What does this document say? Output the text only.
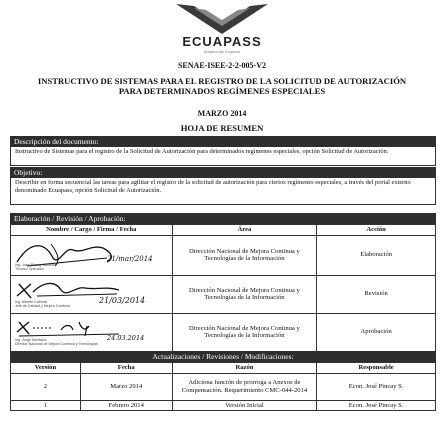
ECUAPASS
Aduana del Ecuador
SENAE-ISEE-2-2-005-V2
INSTRUCTIVO DE SISTEMAS PARA EL REGISTRO DE LA SOLICITUD DE AUTORIZACIÓN
PARA DETERMINADOS REGÍMENES ESPECIALES
MARZO 2014
HOJA DE RESUMEN
Descripción del documento:
Instructivo de Sistemas para el registro de la Solicitud de Autorización para determinados regímenes especiales, opción Solicitud de Autorización.
Objetivo:
Describir en forma secuencial las tareas para agilitar el registro de la solicitud de autorización para ciertos regímenes especiales, a través del portal externo denominado Ecuapass, opción Solicitud de Autorización.
Elaboración / Revisión / Aprobación:
Nombre / Cargo / Firma / Fecha	Área	Acción

Ing. José Pincay Sánchez
Técnico Operador
21/mar/2014	Dirección Nacional de Mejora Continua y Tecnologías de la Información	Elaboración

Ing. Alberto Cabrera
Jefe de Calidad y Mejora Continua
21/03/2014	Dirección Nacional de Mejora Continua y Tecnologías de la Información	Revisión

Ing. Jorge Montalvo
Director Nacional de Mejora Continua y Tecnologías
24.03.2014	Dirección Nacional de Mejora Continua y Tecnologías de la Información	Aprobación
Actualizaciones / Revisiones / Modificaciones:
Versión	Fecha	Razón	Responsable
2	Marzo 2014	Adiciona función de prorroga a Anexos de Compensación. Requerimiento CMC-044-2014	Econ. José Pincay S.
1	Febrero 2014	Versión Inicial	Econ. José Pincay S.
